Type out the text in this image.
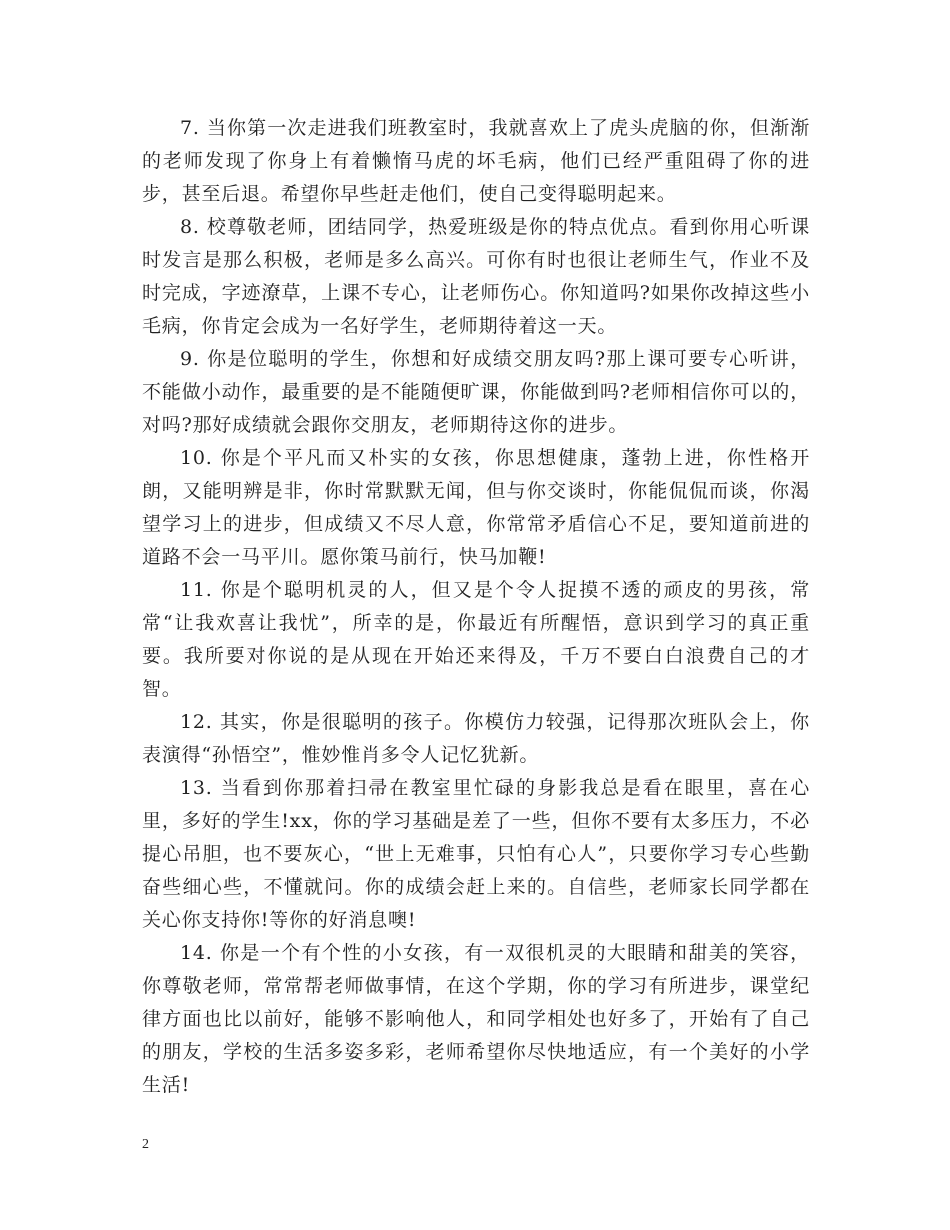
7. 当你第一次走进我们班教室时，我就喜欢上了虎头虎脑的你，但渐渐的老师发现了你身上有着懒惰马虎的坏毛病，他们已经严重阻碍了你的进步，甚至后退。希望你早些赶走他们，使自己变得聪明起来。

8. 校尊敬老师，团结同学，热爱班级是你的特点优点。看到你用心听课时发言是那么积极，老师是多么高兴。可你有时也很让老师生气，作业不及时完成，字迹潦草，上课不专心，让老师伤心。你知道吗?如果你改掉这些小毛病，你肯定会成为一名好学生，老师期待着这一天。

9. 你是位聪明的学生，你想和好成绩交朋友吗?那上课可要专心听讲，不能做小动作，最重要的是不能随便旷课，你能做到吗?老师相信你可以的，对吗?那好成绩就会跟你交朋友，老师期待这你的进步。

10. 你是个平凡而又朴实的女孩，你思想健康，蓬勃上进，你性格开朗，又能明辨是非，你时常默默无闻，但与你交谈时，你能侃侃而谈，你渴望学习上的进步，但成绩又不尽人意，你常常矛盾信心不足，要知道前进的道路不会一马平川。愿你策马前行，快马加鞭!

11. 你是个聪明机灵的人，但又是个令人捉摸不透的顽皮的男孩，常常“让我欢喜让我忧”，所幸的是，你最近有所醒悟，意识到学习的真正重要。我所要对你说的是从现在开始还来得及，千万不要白白浪费自己的才智。

12. 其实，你是很聪明的孩子。你模仿力较强，记得那次班队会上，你表演得“孙悟空”，惟妙惟肖多令人记忆犹新。

13. 当看到你那着扫帚在教室里忙碌的身影我总是看在眼里，喜在心里，多好的学生!xx，你的学习基础是差了一些，但你不要有太多压力，不必提心吊胆，也不要灰心，“世上无难事，只怕有心人”，只要你学习专心些勤奋些细心些，不懂就问。你的成绩会赶上来的。自信些，老师家长同学都在关心你支持你!等你的好消息噢!

14. 你是一个有个性的小女孩，有一双很机灵的大眼睛和甜美的笑容，你尊敬老师，常常帮老师做事情，在这个学期，你的学习有所进步，课堂纪律方面也比以前好，能够不影响他人，和同学相处也好多了，开始有了自己的朋友，学校的生活多姿多彩，老师希望你尽快地适应，有一个美好的小学生活!

2
